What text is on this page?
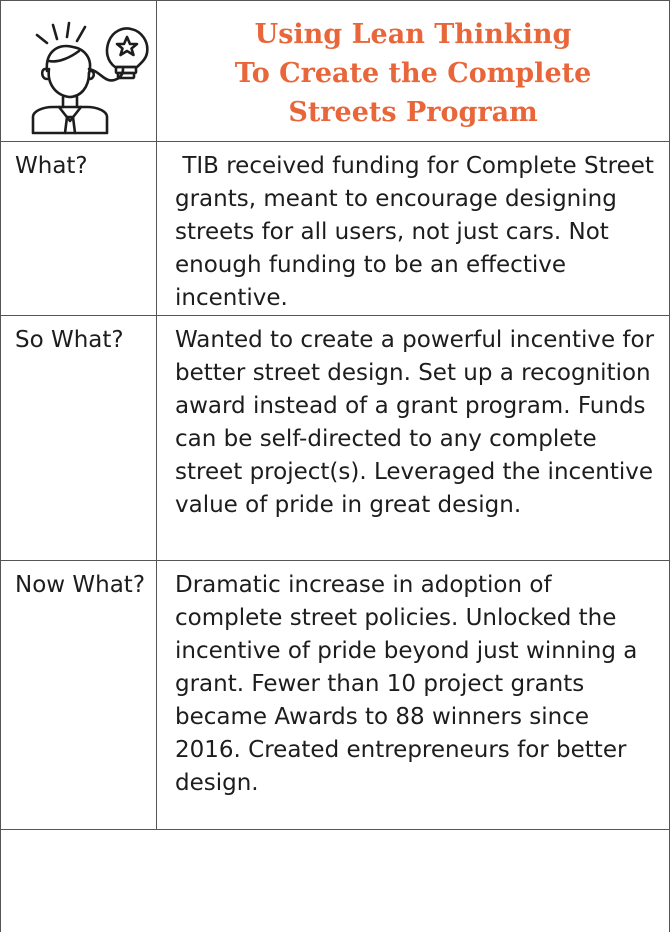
Using Lean Thinking
To Create the Complete
Streets Program

What?	TIB received funding for Complete Street grants, meant to encourage designing streets for all users, not just cars. Not enough funding to be an effective incentive.
So What?	Wanted to create a powerful incentive for better street design. Set up a recognition award instead of a grant program. Funds can be self-directed to any complete street project(s). Leveraged the incentive value of pride in great design.
Now What?	Dramatic increase in adoption of complete street policies. Unlocked the incentive of pride beyond just winning a grant. Fewer than 10 project grants became Awards to 88 winners since 2016. Created entrepreneurs for better design.
